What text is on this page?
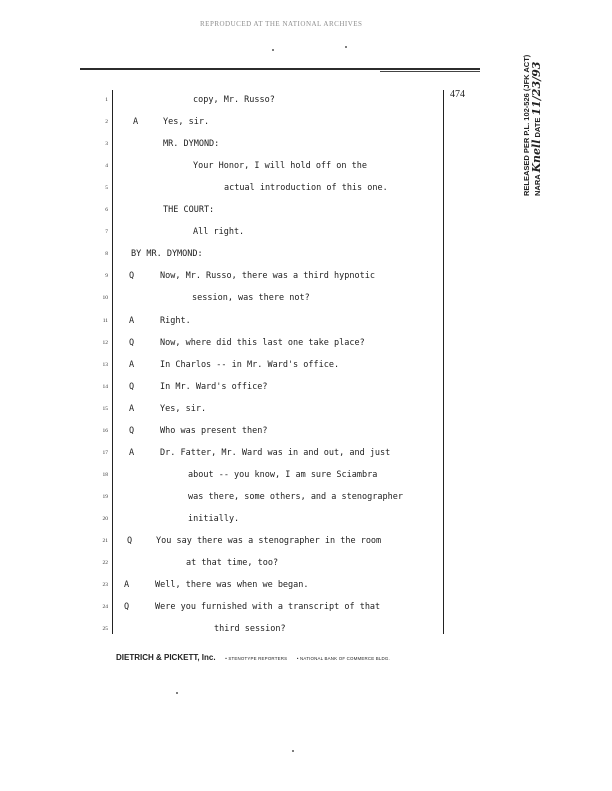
REPRODUCED AT THE NATIONAL ARCHIVES
474
1	copy, Mr. Russo?
2	A	Yes, sir.
3	MR. DYMOND:
4	Your Honor, I will hold off on the
5	actual introduction of this one.
6	THE COURT:
7	All right.
8	BY MR. DYMOND:
9 Q	Now, Mr. Russo, there was a third hypnotic
10	session, was there not?
11 A	Right.
12 Q	Now, where did this last one take place?
13 A	In Charlos -- in Mr. Ward's office.
14 Q	In Mr. Ward's office?
15 A	Yes, sir.
16 Q	Who was present then?
17 A	Dr. Fatter, Mr. Ward was in and out, and just
18	about -- you know, I am sure Sciambra
19	was there, some others, and a stenographer
20	initially.
21 Q	You say there was a stenographer in the room
22	at that time, too?
23 A	Well, there was when we began.
24 Q	Were you furnished with a transcript of that
25	third session?
DIETRICH & PICKETT, Inc. • STENOTYPE REPORTERS • NATIONAL BANK OF COMMERCE BLDG.
RELEASED PER P.L. 102-526 (JFK ACT) NARA Knell DATE 11/23/93
